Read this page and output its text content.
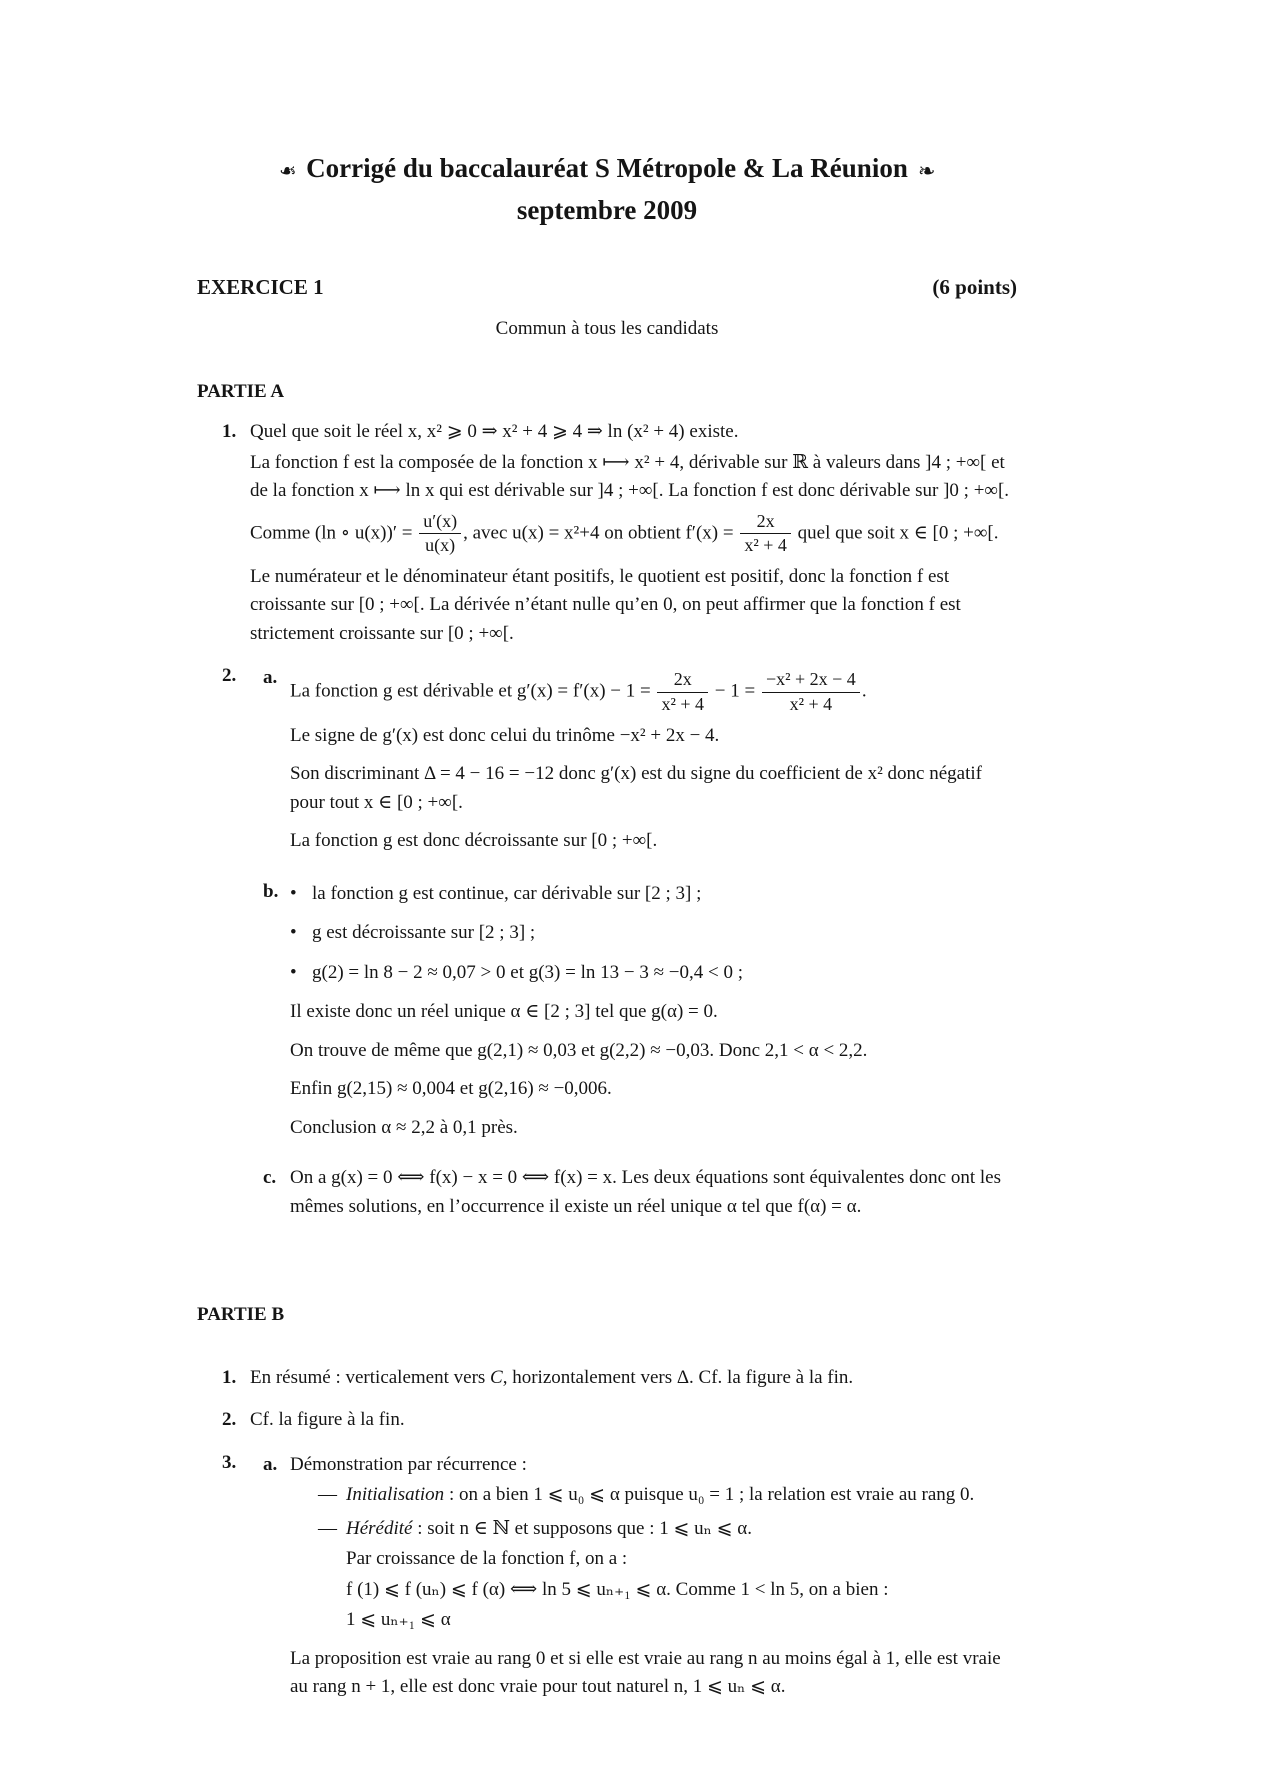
❧ Corrigé du baccalauréat S Métropole & La Réunion ❧
septembre 2009
EXERCICE 1	(6 points)
Commun à tous les candidats
PARTIE A
1. Quel que soit le réel x, x² ⩾ 0 ⇒ x² + 4 ⩾ 4 ⇒ ln (x² + 4) existe.

La fonction f est la composée de la fonction x ⟼ x² + 4, dérivable sur ℝ à valeurs dans ]4 ; +∞[ et de la fonction x ⟼ ln x qui est dérivable sur ]4 ; +∞[. La fonction f est donc dérivable sur ]0 ; +∞[.

Comme (ln ∘ $u(x))' = \frac{u'(x)}{u(x)}$ , avec u(x) = x²+4 on obtient $f'(x) = \frac{2x}{\text{x² + 4}}$ quel que soit x ∈ [0 ; +∞[.

Le numérateur et le dénominateur étant positifs, le quotient est positif, donc la fonction f est croissante sur [0 ; +∞[. La dérivée n’étant nulle qu’en 0, on peut affirmer que la fonction f est strictement croissante sur [0 ; +∞[.

2.	a.

La fonction g est dérivable et $g'(x) = f'(x) - 1 = \frac{2x}{\text{x² + 4}} - 1 = \frac{\text{−x² + 2x − 4}}{\text{x² + 4}}$ .

Le signe de g′(x) est donc celui du trinôme −x² + 2x − 4.

Son discriminant Δ = 4 − 16 = −12 donc g′(x) est du signe du coefficient de x² donc négatif pour tout x ∈ [0 ; +∞[.

La fonction g est donc décroissante sur [0 ; +∞[.

b. • la fonction g est continue, car dérivable sur [2 ; 3] ;

• g est décroissante sur [2 ; 3] ;

• g(2) = ln 8 − 2 ≈ 0,07 > 0 et g(3) = ln 13 − 3 ≈ −0,4 < 0 ;

Il existe donc un réel unique α ∈ [2 ; 3] tel que g(α) = 0.

On trouve de même que g(2,1) ≈ 0,03 et g(2,2) ≈ −0,03. Donc 2,1 < α < 2,2.

Enfin g(2,15) ≈ 0,004 et g(2,16) ≈ −0,006.

Conclusion α ≈ 2,2 à 0,1 près.

c. On a g(x) = 0 ⟺ f(x) − x = 0 ⟺ f(x) = x. Les deux équations sont équivalentes donc ont les mêmes solutions, en l’occurrence il existe un réel unique α tel que f(α) = α.

PARTIE B
1. En résumé : verticalement vers C, horizontalement vers Δ. Cf. la figure à la fin.

2. Cf. la figure à la fin.

3.	a. Démonstration par récurrence :

— Initialisation : on a bien 1 ⩽ u₀ ⩽ α puisque u₀ = 1 ; la relation est vraie au rang 0.

— Hérédité : soit n ∈ ℕ et supposons que : 1 ⩽ uₙ ⩽ α.

Par croissance de la fonction f, on a :

f (1) ⩽ f (uₙ) ⩽ f (α) ⟺ ln 5 ⩽ uₙ₊₁ ⩽ α. Comme 1 < ln 5, on a bien :

1 ⩽ uₙ₊₁ ⩽ α

La proposition est vraie au rang 0 et si elle est vraie au rang n au moins égal à 1, elle est vraie au rang n + 1, elle est donc vraie pour tout naturel n, 1 ⩽ uₙ ⩽ α.
